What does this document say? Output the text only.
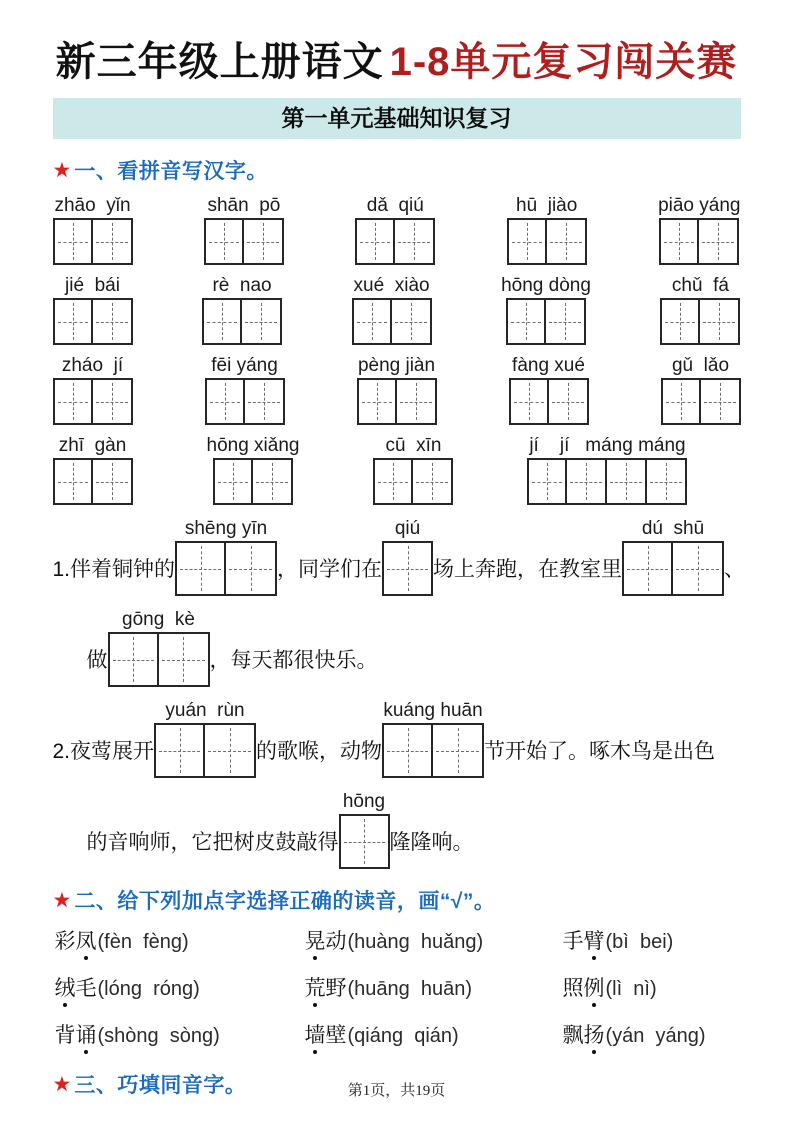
新三年级上册语文 1-8单元复习闯关赛
第一单元基础知识复习
★ 一、看拼音写汉字。
zhāo  yǐn	shān  pō	dǎ  qiú	hū  jiào	piāo yáng
jié  bái	rè  nao	xué  xiào	hōng dòng	chǔ  fá
zháo  jí	fēi yáng	pèng jiàn	fàng xué	gǔ  lǎo
zhī  gàn	hōng xiǎng	cū  xīn	jí    jí   máng máng
1.伴着铜钟的
shēng yīn
，同学们在
qiú
场上奔跑，在教室里
dú  shū
、
做
gōng  kè
，每天都很快乐。
2.夜莺展开
yuán  rùn
的歌喉，动物
kuáng huān
节开始了。啄木鸟是出色
的音响师，它把树皮鼓敲得
hōng
隆隆响。
★ 二、给下列加点字选择正确的读音，画“√”。
彩 凤 (fèn  fèng)	晃 动 (huàng  huǎng)	手 臂 (bì  bei)
绒 毛 (lóng  róng)	荒 野 (huāng  huān)	照 例 (lì  nì)
背 诵 (shòng  sòng)	墙 壁 (qiáng  qián)	飘 扬 (yán  yáng)
★ 三、巧填同音字。	第1页，共19页
